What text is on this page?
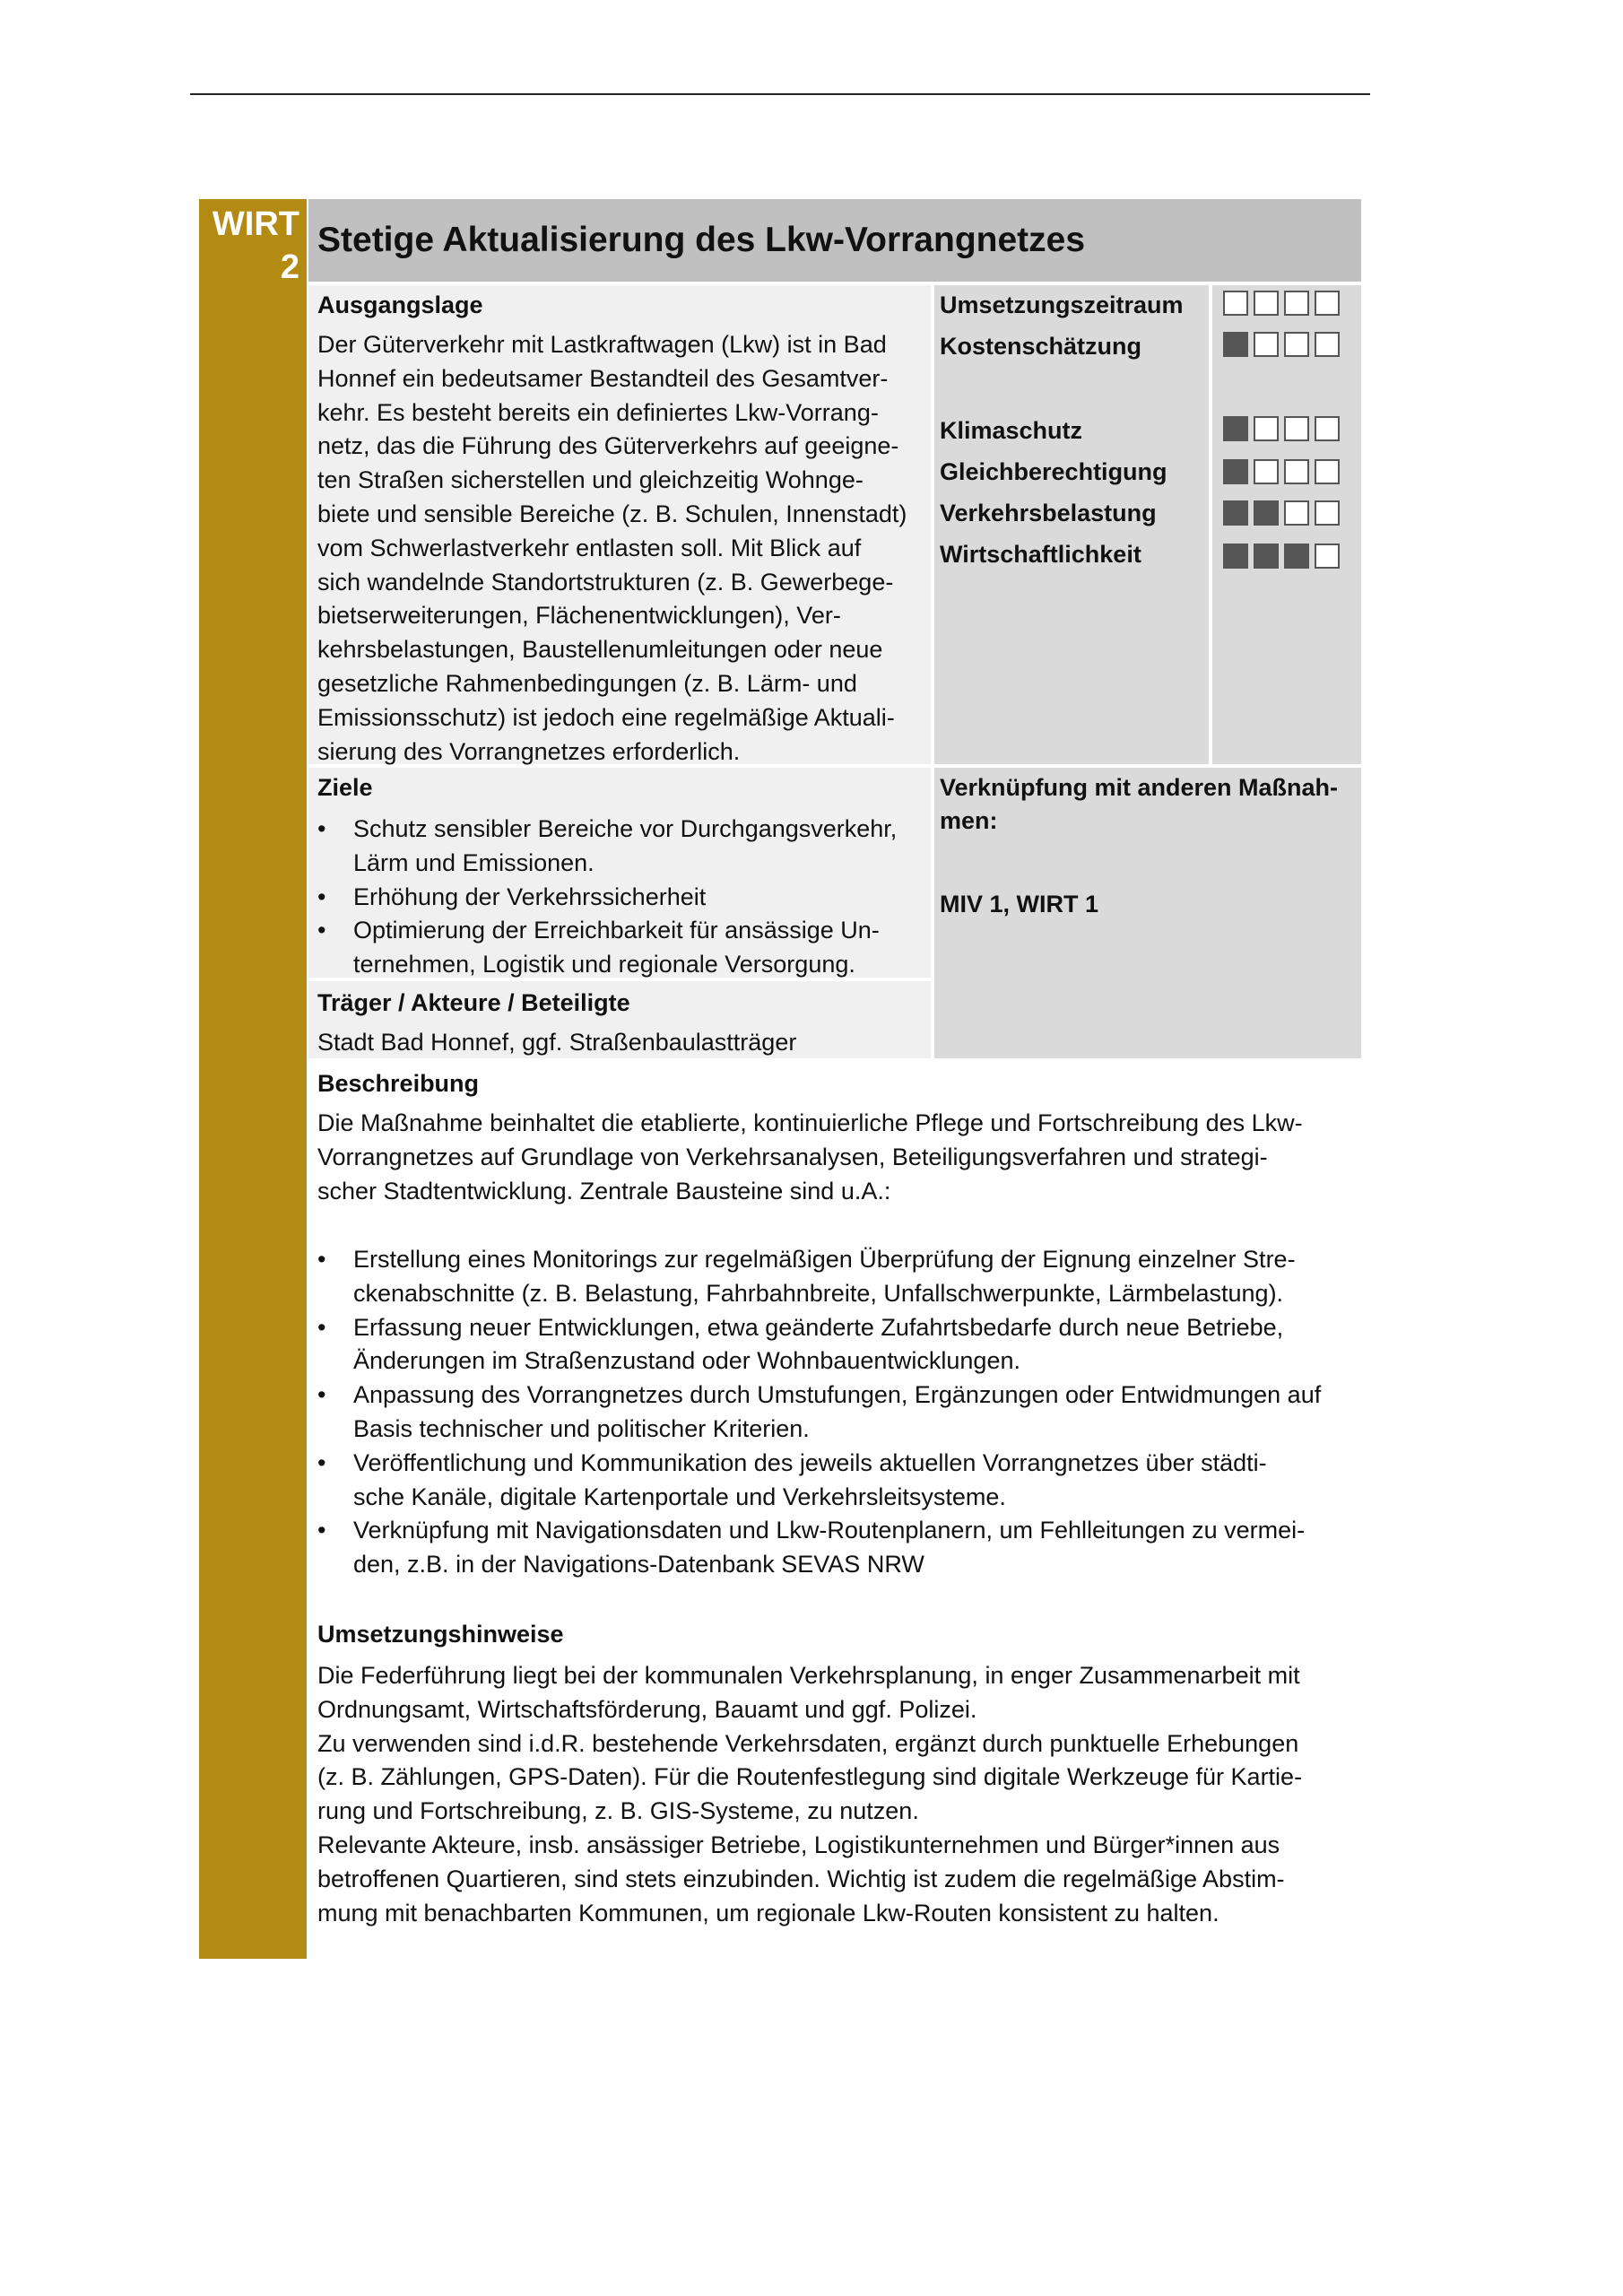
WIRT
2
Stetige Aktualisierung des Lkw-Vorrangnetzes
Ausgangslage
Der Güterverkehr mit Lastkraftwagen (Lkw) ist in Bad
Honnef ein bedeutsamer Bestandteil des Gesamtver-
kehr. Es besteht bereits ein definiertes Lkw-Vorrang-
netz, das die Führung des Güterverkehrs auf geeigne-
ten Straßen sicherstellen und gleichzeitig Wohnge-
biete und sensible Bereiche (z. B. Schulen, Innenstadt)
vom Schwerlastverkehr entlasten soll. Mit Blick auf
sich wandelnde Standortstrukturen (z. B. Gewerbege-
bietserweiterungen, Flächenentwicklungen), Ver-
kehrsbelastungen, Baustellenumleitungen oder neue
gesetzliche Rahmenbedingungen (z. B. Lärm- und
Emissionsschutz) ist jedoch eine regelmäßige Aktuali-
sierung des Vorrangnetzes erforderlich.
Umsetzungszeitraum
Kostenschätzung
Klimaschutz
Gleichberechtigung
Verkehrsbelastung
Wirtschaftlichkeit
Ziele
• Schutz sensibler Bereiche vor Durchgangsverkehr,
Lärm und Emissionen.
• Erhöhung der Verkehrssicherheit
• Optimierung der Erreichbarkeit für ansässige Un-
ternehmen, Logistik und regionale Versorgung.
Träger / Akteure / Beteiligte
Stadt Bad Honnef, ggf. Straßenbaulastträger
Verknüpfung mit anderen Maßnah-
men:
MIV 1, WIRT 1
Beschreibung
Die Maßnahme beinhaltet die etablierte, kontinuierliche Pflege und Fortschreibung des Lkw-
Vorrangnetzes auf Grundlage von Verkehrsanalysen, Beteiligungsverfahren und strategi-
scher Stadtentwicklung. Zentrale Bausteine sind u.A.:
• Erstellung eines Monitorings zur regelmäßigen Überprüfung der Eignung einzelner Stre-
ckenabschnitte (z. B. Belastung, Fahrbahnbreite, Unfallschwerpunkte, Lärmbelastung).
• Erfassung neuer Entwicklungen, etwa geänderte Zufahrtsbedarfe durch neue Betriebe,
Änderungen im Straßenzustand oder Wohnbauentwicklungen.
• Anpassung des Vorrangnetzes durch Umstufungen, Ergänzungen oder Entwidmungen auf
Basis technischer und politischer Kriterien.
• Veröffentlichung und Kommunikation des jeweils aktuellen Vorrangnetzes über städti-
sche Kanäle, digitale Kartenportale und Verkehrsleitsysteme.
• Verknüpfung mit Navigationsdaten und Lkw-Routenplanern, um Fehlleitungen zu vermei-
den, z.B. in der Navigations-Datenbank SEVAS NRW
Umsetzungshinweise
Die Federführung liegt bei der kommunalen Verkehrsplanung, in enger Zusammenarbeit mit
Ordnungsamt, Wirtschaftsförderung, Bauamt und ggf. Polizei.
Zu verwenden sind i.d.R. bestehende Verkehrsdaten, ergänzt durch punktuelle Erhebungen
(z. B. Zählungen, GPS-Daten). Für die Routenfestlegung sind digitale Werkzeuge für Kartie-
rung und Fortschreibung, z. B. GIS-Systeme, zu nutzen.
Relevante Akteure, insb. ansässiger Betriebe, Logistikunternehmen und Bürger*innen aus
betroffenen Quartieren, sind stets einzubinden. Wichtig ist zudem die regelmäßige Abstim-
mung mit benachbarten Kommunen, um regionale Lkw-Routen konsistent zu halten.
